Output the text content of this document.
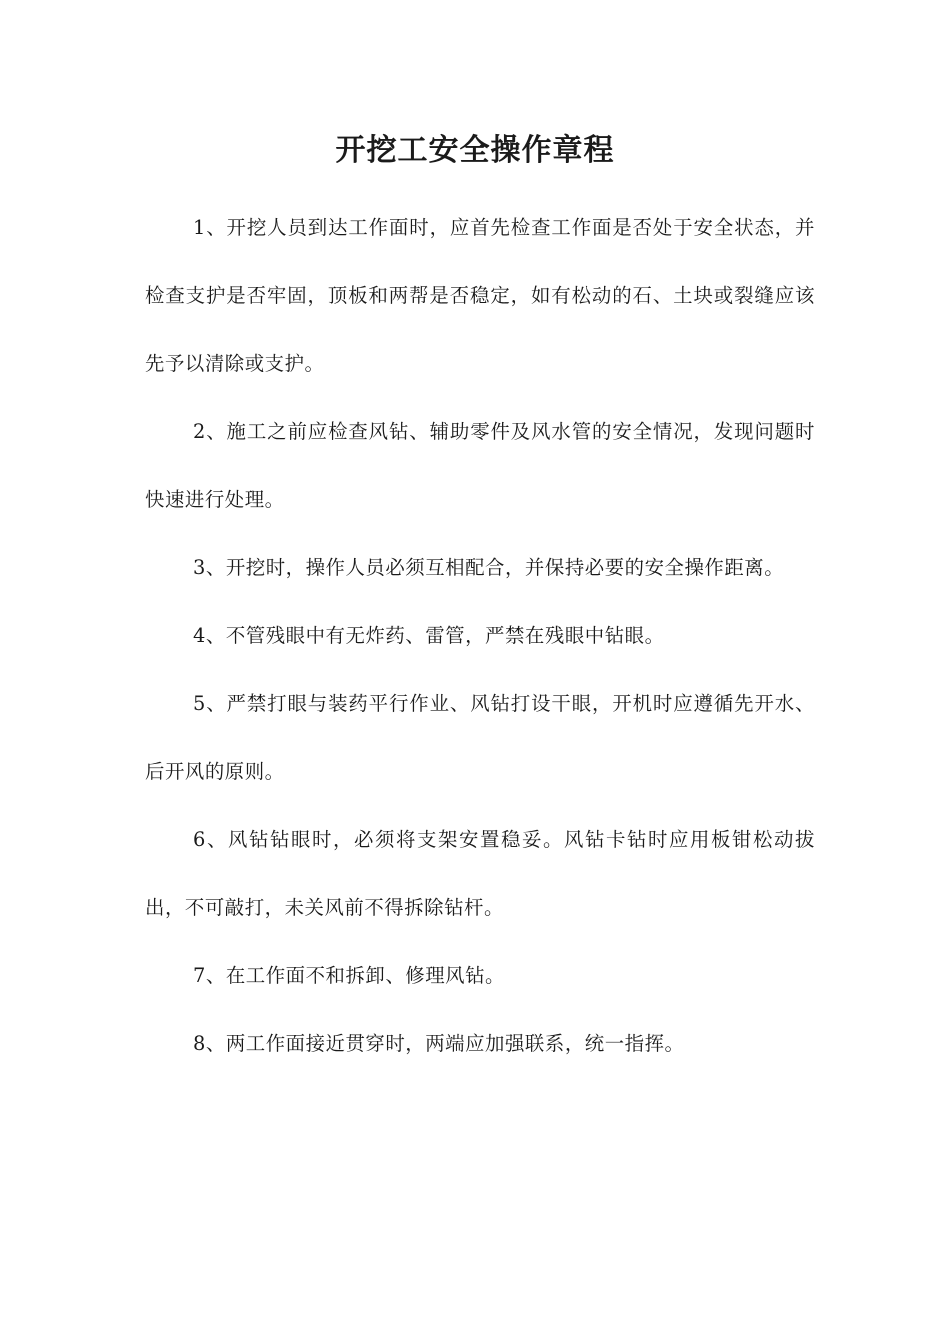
开挖工安全操作章程

1、开挖人员到达工作面时，应首先检查工作面是否处于安全状态，并检查支护是否牢固，顶板和两帮是否稳定，如有松动的石、土块或裂缝应该先予以清除或支护。

2、施工之前应检查风钻、辅助零件及风水管的安全情况，发现问题时快速进行处理。

3、开挖时，操作人员必须互相配合，并保持必要的安全操作距离。

4、不管残眼中有无炸药、雷管，严禁在残眼中钻眼。

5、严禁打眼与装药平行作业、风钻打设干眼，开机时应遵循先开水、后开风的原则。

6、风钻钻眼时，必须将支架安置稳妥。风钻卡钻时应用板钳松动拔出，不可敲打，未关风前不得拆除钻杆。

7、在工作面不和拆卸、修理风钻。

8、两工作面接近贯穿时，两端应加强联系，统一指挥。
